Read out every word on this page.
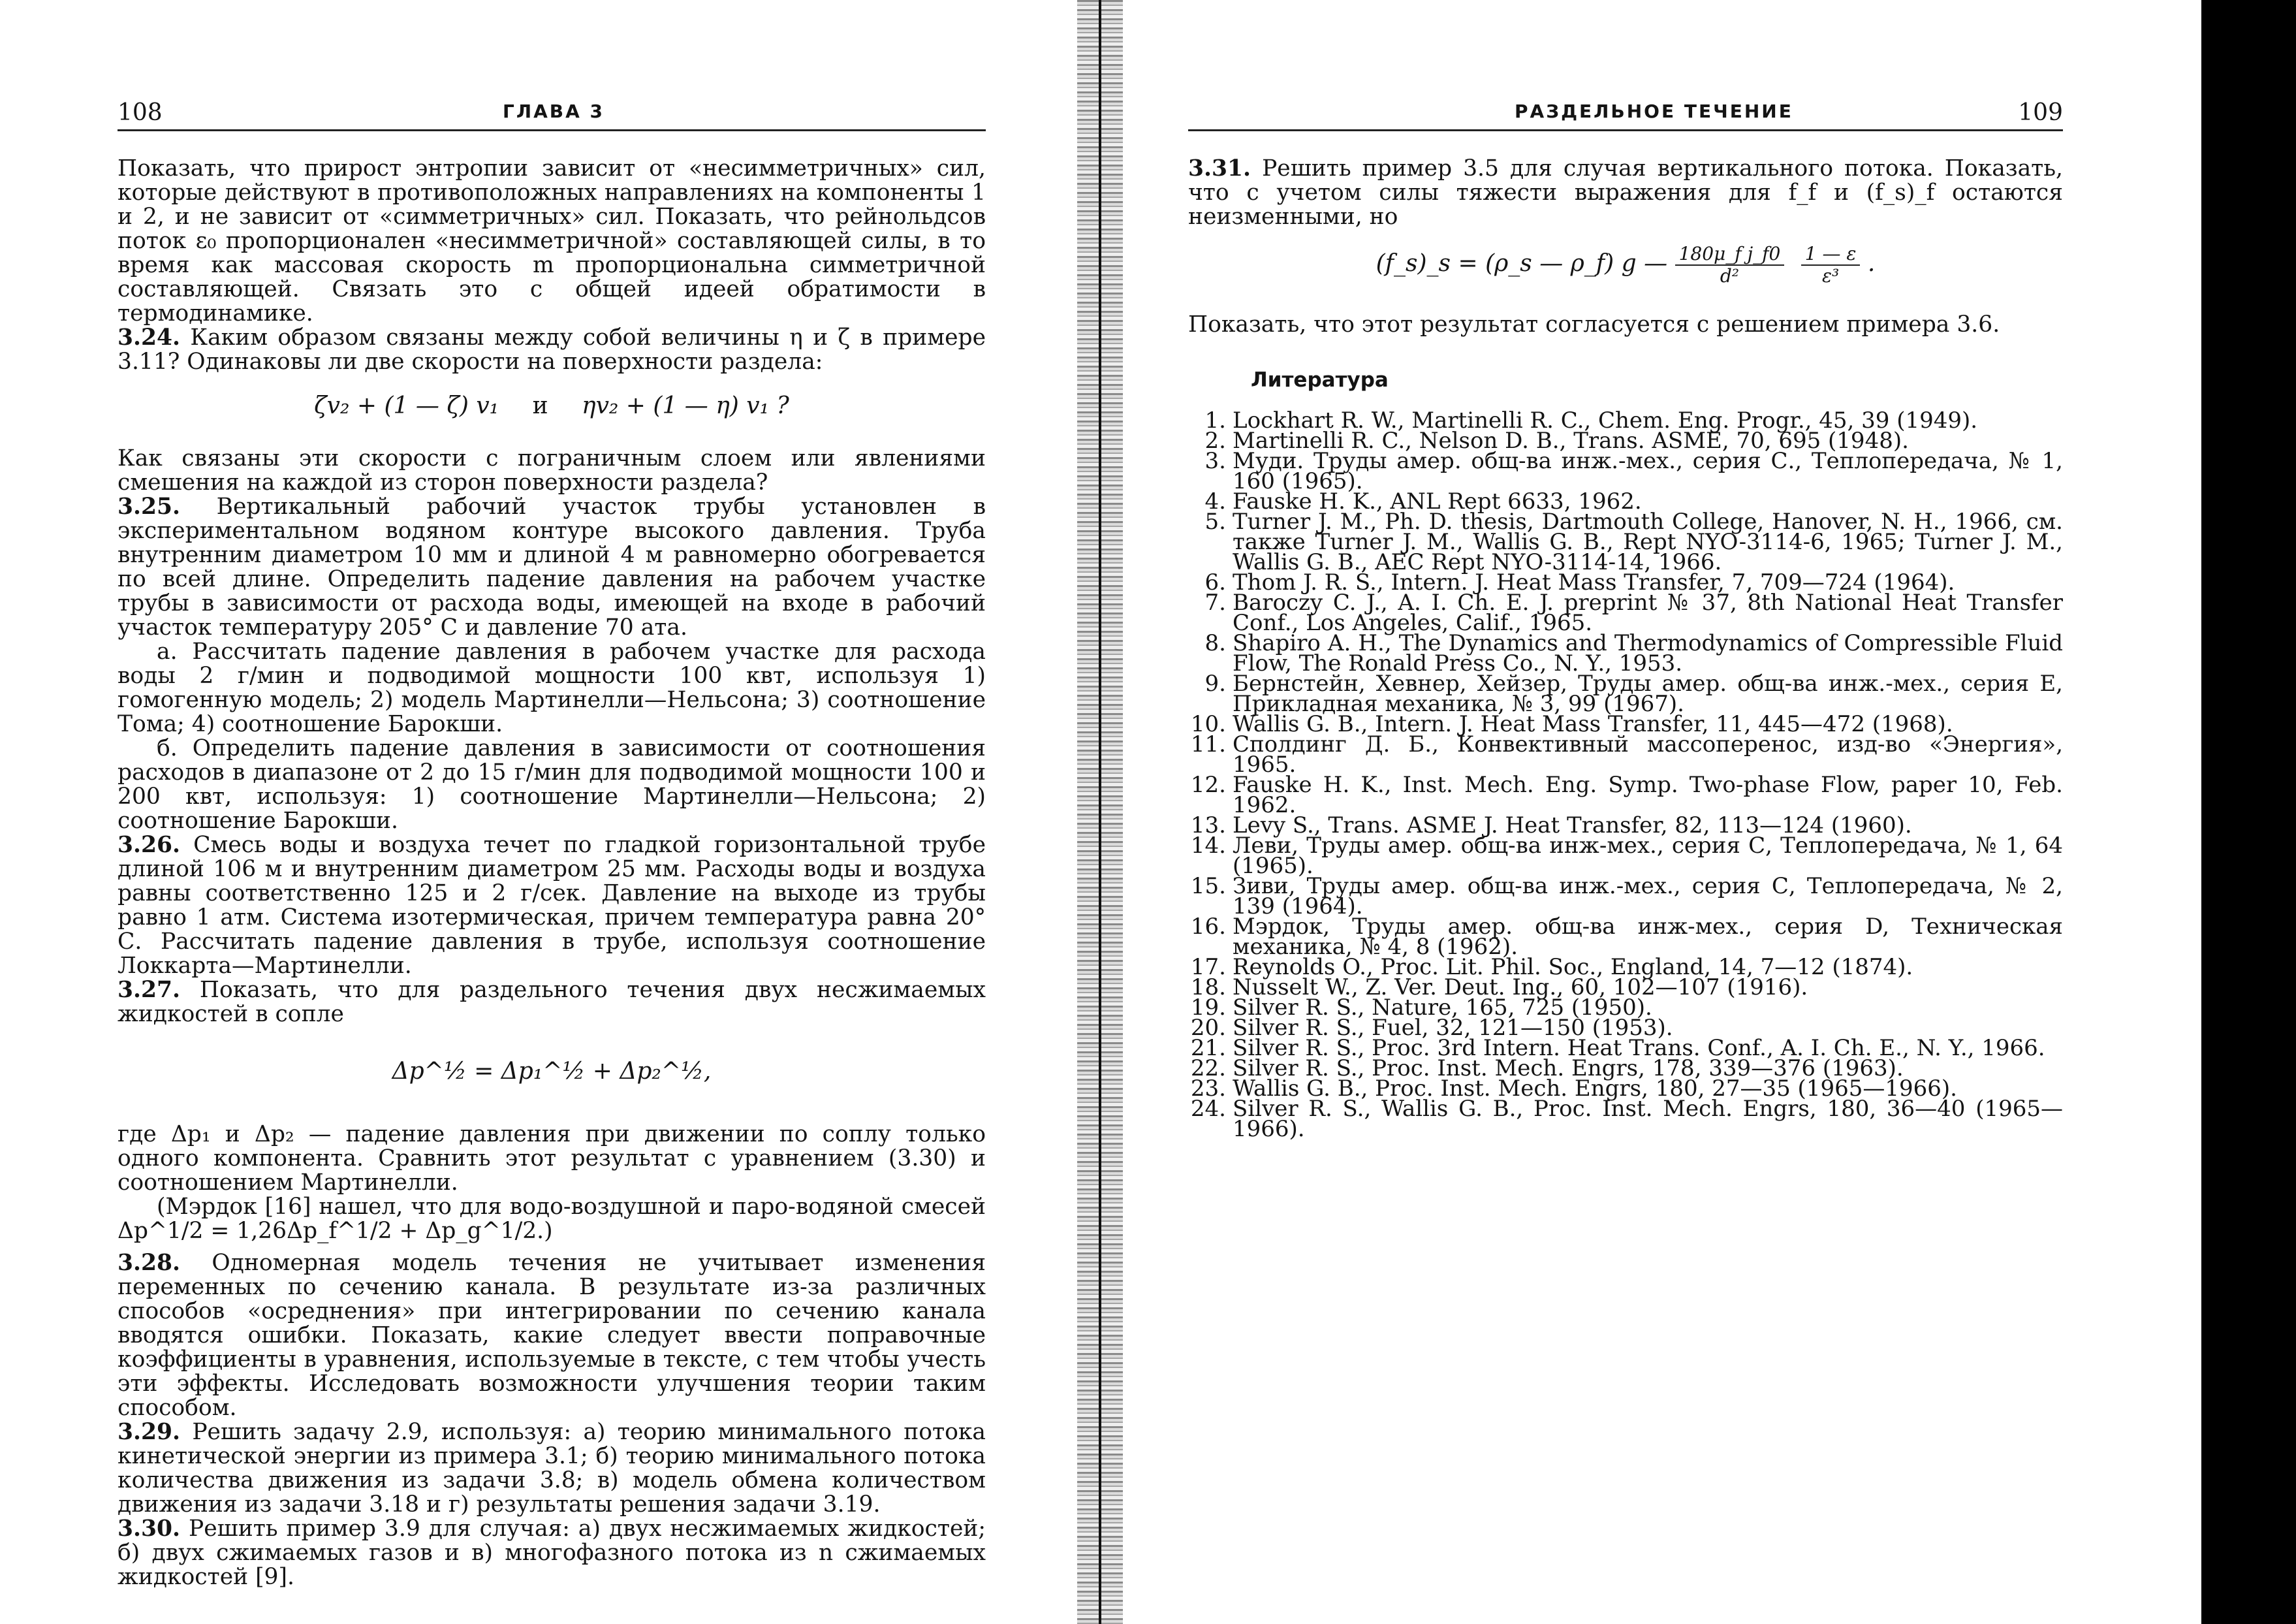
108	ГЛАВА 3

Показать, что прирост энтропии зависит от «несимметричных» сил, которые действуют в противоположных направлениях на компоненты 1 и 2, и не зависит от «симметричных» сил. Показать, что рейнольдсов поток ε₀ пропорционален «несимметричной» составляющей силы, в то время как массовая скорость m пропорциональна симметричной составляющей. Связать это с общей идеей обратимости в термодинамике.

3.24. Каким образом связаны между собой величины η и ζ в примере 3.11? Одинаковы ли две скорости на поверхности раздела:

ζv₂ + (1 — ζ) v₁ и ηv₂ + (1 — η) v₁ ?

Как связаны эти скорости с пограничным слоем или явлениями смешения на каждой из сторон поверхности раздела?

3.25. Вертикальный рабочий участок трубы установлен в экспериментальном водяном контуре высокого давления. Труба внутренним диаметром 10 мм и длиной 4 м равномерно обогревается по всей длине. Определить падение давления на рабочем участке трубы в зависимости от расхода воды, имеющей на входе в рабочий участок температуру 205° С и давление 70 ата.

а. Рассчитать падение давления в рабочем участке для расхода воды 2 г/мин и подводимой мощности 100 квт, используя 1) гомогенную модель; 2) модель Мартинелли—Нельсона; 3) соотношение Тома; 4) соотношение Барокши.

б. Определить падение давления в зависимости от соотношения расходов в диапазоне от 2 до 15 г/мин для подводимой мощности 100 и 200 квт, используя: 1) соотношение Мартинелли—Нельсона; 2) соотношение Барокши.

3.26. Смесь воды и воздуха течет по гладкой горизонтальной трубе длиной 106 м и внутренним диаметром 25 мм. Расходы воды и воздуха равны соответственно 125 и 2 г/сек. Давление на выходе из трубы равно 1 атм. Система изотермическая, причем температура равна 20° С. Рассчитать падение давления в трубе, используя соотношение Локкарта—Мартинелли.

3.27. Показать, что для раздельного течения двух несжимаемых жидкостей в сопле

Δp^½ = Δp₁^½ + Δp₂^½,

где Δp₁ и Δp₂ — падение давления при движении по соплу только одного компонента. Сравнить этот результат с уравнением (3.30) и соотношением Мартинелли.

(Мэрдок [16] нашел, что для водо-воздушной и паро-водяной смесей Δp^1/2 = 1,26Δp_f^1/2 + Δp_g^1/2.)

3.28. Одномерная модель течения не учитывает изменения переменных по сечению канала. В результате из-за различных способов «осреднения» при интегрировании по сечению канала вводятся ошибки. Показать, какие следует ввести поправочные коэффициенты в уравнения, используемые в тексте, с тем чтобы учесть эти эффекты. Исследовать возможности улучшения теории таким способом.

3.29. Решить задачу 2.9, используя: а) теорию минимального потока кинетической энергии из примера 3.1; б) теорию минимального потока количества движения из задачи 3.8; в) модель обмена количеством движения из задачи 3.18 и г) результаты решения задачи 3.19.

3.30. Решить пример 3.9 для случая: а) двух несжимаемых жидкостей; б) двух сжимаемых газов и в) многофазного потока из n сжимаемых жидкостей [9].

РАЗДЕЛЬНОЕ ТЕЧЕНИЕ	109

3.31. Решить пример 3.5 для случая вертикального потока. Показать, что с учетом силы тяжести выражения для f_f и (f_s)_f остаются неизменными, но

(f_s)_s = (ρ_s — ρ_f) g — $\frac{\text{180μ\_f j\_f0}}{\text{d²}}$
$\frac{1 — \varepsilon}{\text{ε³}}$ .

Показать, что этот результат согласуется с решением примера 3.6.

Литература
1. Lockhart R. W., Martinelli R. C., Chem. Eng. Progr., 45, 39 (1949).
2. Martinelli R. C., Nelson D. B., Trans. ASME, 70, 695 (1948).
3. Муди. Труды амер. общ-ва инж.-мех., серия С., Теплопередача, № 1, 160 (1965).
4. Fauske H. K., ANL Rept 6633, 1962.
5. Turner J. M., Ph. D. thesis, Dartmouth College, Hanover, N. H., 1966, см. также Turner J. M., Wallis G. B., Rept NYO-3114-6, 1965; Turner J. M., Wallis G. B., AEC Rept NYO-3114-14, 1966.
6. Thom J. R. S., Intern. J. Heat Mass Transfer, 7, 709—724 (1964).
7. Baroczy C. J., A. I. Ch. E. J. preprint № 37, 8th National Heat Transfer Conf., Los Angeles, Calif., 1965.
8. Shapiro A. H., The Dynamics and Thermodynamics of Compressible Fluid Flow, The Ronald Press Co., N. Y., 1953.
9. Бернстейн, Хевнер, Хейзер, Труды амер. общ-ва инж.-мех., серия Е, Прикладная механика, № 3, 99 (1967).
10. Wallis G. B., Intern. J. Heat Mass Transfer, 11, 445—472 (1968).
11. Сполдинг Д. Б., Конвективный массоперенос, изд-во «Энергия», 1965.
12. Fauske H. K., Inst. Mech. Eng. Symp. Two-phase Flow, paper 10, Feb. 1962.
13. Levy S., Trans. ASME J. Heat Transfer, 82, 113—124 (1960).
14. Леви, Труды амер. общ-ва инж-мех., серия С, Теплопередача, № 1, 64 (1965).
15. Зиви, Труды амер. общ-ва инж.-мех., серия С, Теплопередача, № 2, 139 (1964).
16. Мэрдок, Труды амер. общ-ва инж-мех., серия D, Техническая механика, № 4, 8 (1962).
17. Reynolds O., Proc. Lit. Phil. Soc., England, 14, 7—12 (1874).
18. Nusselt W., Z. Ver. Deut. Ing., 60, 102—107 (1916).
19. Silver R. S., Nature, 165, 725 (1950).
20. Silver R. S., Fuel, 32, 121—150 (1953).
21. Silver R. S., Proc. 3rd Intern. Heat Trans. Conf., A. I. Ch. E., N. Y., 1966.
22. Silver R. S., Proc. Inst. Mech. Engrs, 178, 339—376 (1963).
23. Wallis G. B., Proc. Inst. Mech. Engrs, 180, 27—35 (1965—1966).
24. Silver R. S., Wallis G. B., Proc. Inst. Mech. Engrs, 180, 36—40 (1965—1966).
